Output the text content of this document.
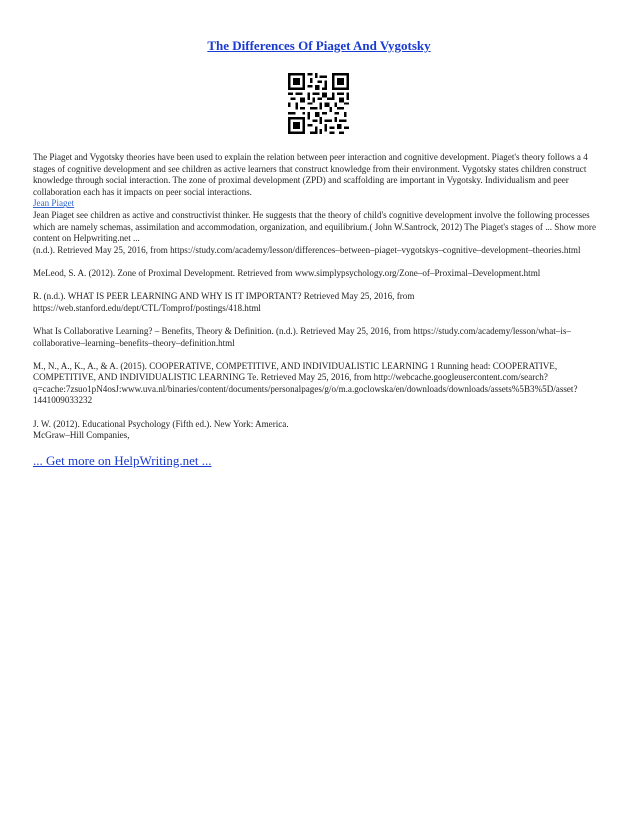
The Differences Of Piaget And Vygotsky

The Piaget and Vygotsky theories have been used to explain the relation between peer interaction and cognitive development. Piaget's theory follows a 4 stages of cognitive development and see children as active learners that construct knowledge from their environment. Vygotsky states children construct knowledge through social interaction. The zone of proximal development (ZPD) and scaffolding are important in Vygotsky. Individualism and peer collaboration each has it impacts on peer social interactions.

Jean Piaget

Jean Piaget see children as active and constructivist thinker. He suggests that the theory of child's cognitive development involve the following processes which are namely schemas, assimilation and accommodation, organization, and equilibrium.( John W.Santrock, 2012) The Piaget's stages of ... Show more content on Helpwriting.net ...

(n.d.). Retrieved May 25, 2016, from https://study.com/academy/lesson/differences–between–piaget–vygotskys–cognitive–development–theories.html

MeLeod, S. A. (2012). Zone of Proximal Development. Retrieved from www.simplypsychology.org/Zone–of–Proximal–Development.html

R. (n.d.). WHAT IS PEER LEARNING AND WHY IS IT IMPORTANT? Retrieved May 25, 2016, from https://web.stanford.edu/dept/CTL/Tomprof/postings/418.html

What Is Collaborative Learning? – Benefits, Theory & Definition. (n.d.). Retrieved May 25, 2016, from https://study.com/academy/lesson/what–is–collaborative–learning–benefits–theory–definition.html

M., N., A., K., A., & A. (2015). COOPERATIVE, COMPETITIVE, AND INDIVIDUALISTIC LEARNING 1 Running head: COOPERATIVE, COMPETITIVE, AND INDIVIDUALISTIC LEARNING Te. Retrieved May 25, 2016, from http://webcache.googleusercontent.com/search?q=cache:7zsuo1pN4osJ:www.uva.nl/binaries/content/documents/personalpages/g/o/m.a.goclowska/en/downloads/downloads/assets%5B3%5D/asset?1441009033232

J. W. (2012). Educational Psychology (Fifth ed.). New York: America.

McGraw–Hill Companies,

... Get more on HelpWriting.net ...
